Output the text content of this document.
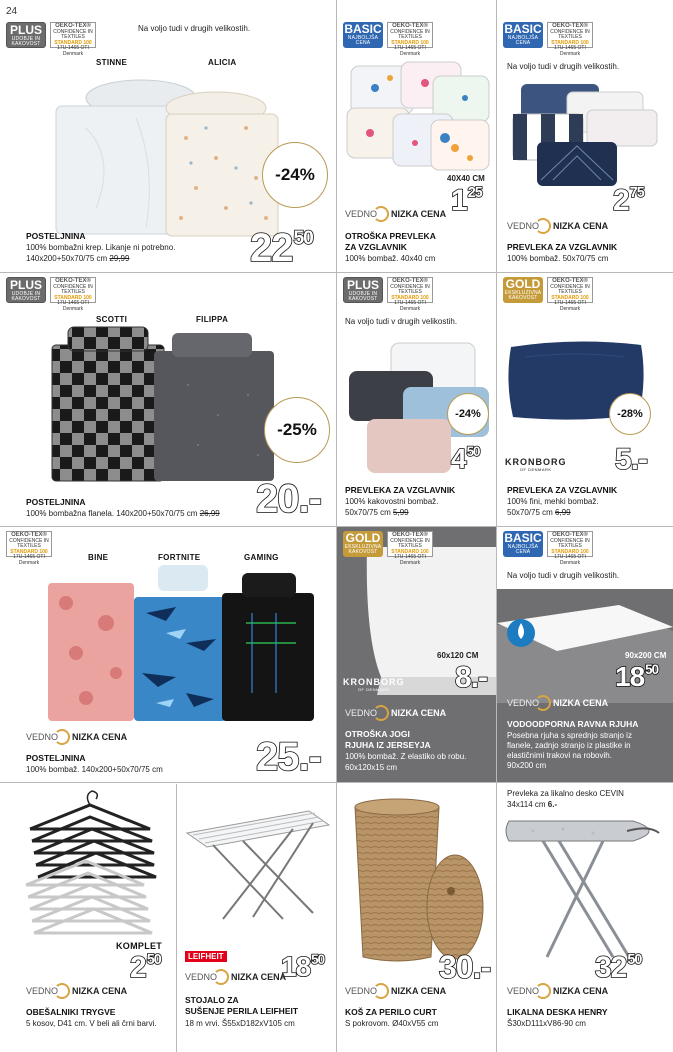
24
PLUS
UDOBJE IN KAKOVOST
OEKO-TEX®
CONFIDENCE IN TEXTILES
STANDARD 100
17U-1465 OTI Denmark
Na voljo tudi v drugih velikostih.
STINNE	ALICIA
-24%
POSTELJNINA
100% bombažni krep. Likanje ni potrebno.
140x200+50x70/75 cm 29,99	$22^{50}$
BASIC
NAJBOLJŠA CENA
OEKO-TEX®
CONFIDENCE IN TEXTILES
STANDARD 100
17U-1465 OTI Denmark
40X40 CM
$1^{25}$
VEDNO NIZKA CENA
OTROŠKA PREVLEKA
ZA VZGLAVNIK
100% bombaž. 40x40 cm
BASIC
NAJBOLJŠA CENA
OEKO-TEX®
CONFIDENCE IN TEXTILES
STANDARD 100
17U-1465 OTI Denmark
Na voljo tudi v drugih velikostih.
$2^{75}$
VEDNO NIZKA CENA
PREVLEKA ZA VZGLAVNIK
100% bombaž. 50x70/75 cm
PLUS
UDOBJE IN KAKOVOST
OEKO-TEX®
CONFIDENCE IN TEXTILES
STANDARD 100
17U-1465 OTI Denmark
SCOTTI	FILIPPA
-25%
POSTELJNINA
100% bombažna flanela. 140x200+50x70/75 cm 26,99 20.-
PLUS
UDOBJE IN KAKOVOST
OEKO-TEX®
CONFIDENCE IN TEXTILES
STANDARD 100
17U-1465 OTI Denmark
Na voljo tudi v drugih velikostih.
-24%
$4^{50}$
PREVLEKA ZA VZGLAVNIK
100% kakovostni bombaž.
50x70/75 cm 5,99
GOLD
EKSKLUZIVNA KAKOVOST
OEKO-TEX®
CONFIDENCE IN TEXTILES
STANDARD 100
17U-1465 OTI Denmark
-28%
KRONBORG
OF DENMARK	5.-
PREVLEKA ZA VZGLAVNIK
100% fini, mehki bombaž.
50x70/75 cm 6,99
OEKO-TEX®
CONFIDENCE IN TEXTILES
STANDARD 100
17U-1465 OTI Denmark
BINE	FORTNITE	GAMING
VEDNO NIZKA CENA
POSTELJNINA
100% bombaž. 140x200+50x70/75 cm 25.-
GOLD
EKSKLUZIVNA KAKOVOST
OEKO-TEX®
CONFIDENCE IN TEXTILES
STANDARD 100
17U-1465 OTI Denmark
60x120 CM
KRONBORG
OF DENMARK	8.-
VEDNO NIZKA CENA
OTROŠKA JOGI
RJUHA IZ JERSEYJA
100% bombaž. Z elastiko ob robu.
60x120x15 cm
BASIC
NAJBOLJŠA CENA
OEKO-TEX®
CONFIDENCE IN TEXTILES
STANDARD 100
17U-1465 OTI Denmark
Na voljo tudi v drugih velikostih.
90x200 CM
$18^{50}$
VEDNO NIZKA CENA
VODOODPORNA RAVNA RJUHA
Posebna rjuha s sprednjo stranjo iz
flanele, zadnjo stranjo iz plastike in
elastičnimi trakovi na robovih.
90x200 cm
KOMPLET
$2^{50}$
VEDNO NIZKA CENA
OBEŠALNIKI TRYGVE
5 kosov, D41 cm. V beli ali črni barvi.
LEIFHEIT $18^{50}$
VEDNO NIZKA CENA
STOJALO ZA
SUŠENJE PERILA LEIFHEIT
18 m vrvi. Š55xD182xV105 cm
30.-
VEDNO NIZKA CENA
KOŠ ZA PERILO CURT
S pokrovom. Ø40xV55 cm
Prevleka za likalno desko CEVIN
34x114 cm 6.-
$32^{50}$
VEDNO NIZKA CENA
LIKALNA DESKA HENRY
Š30xD111xV86-90 cm
